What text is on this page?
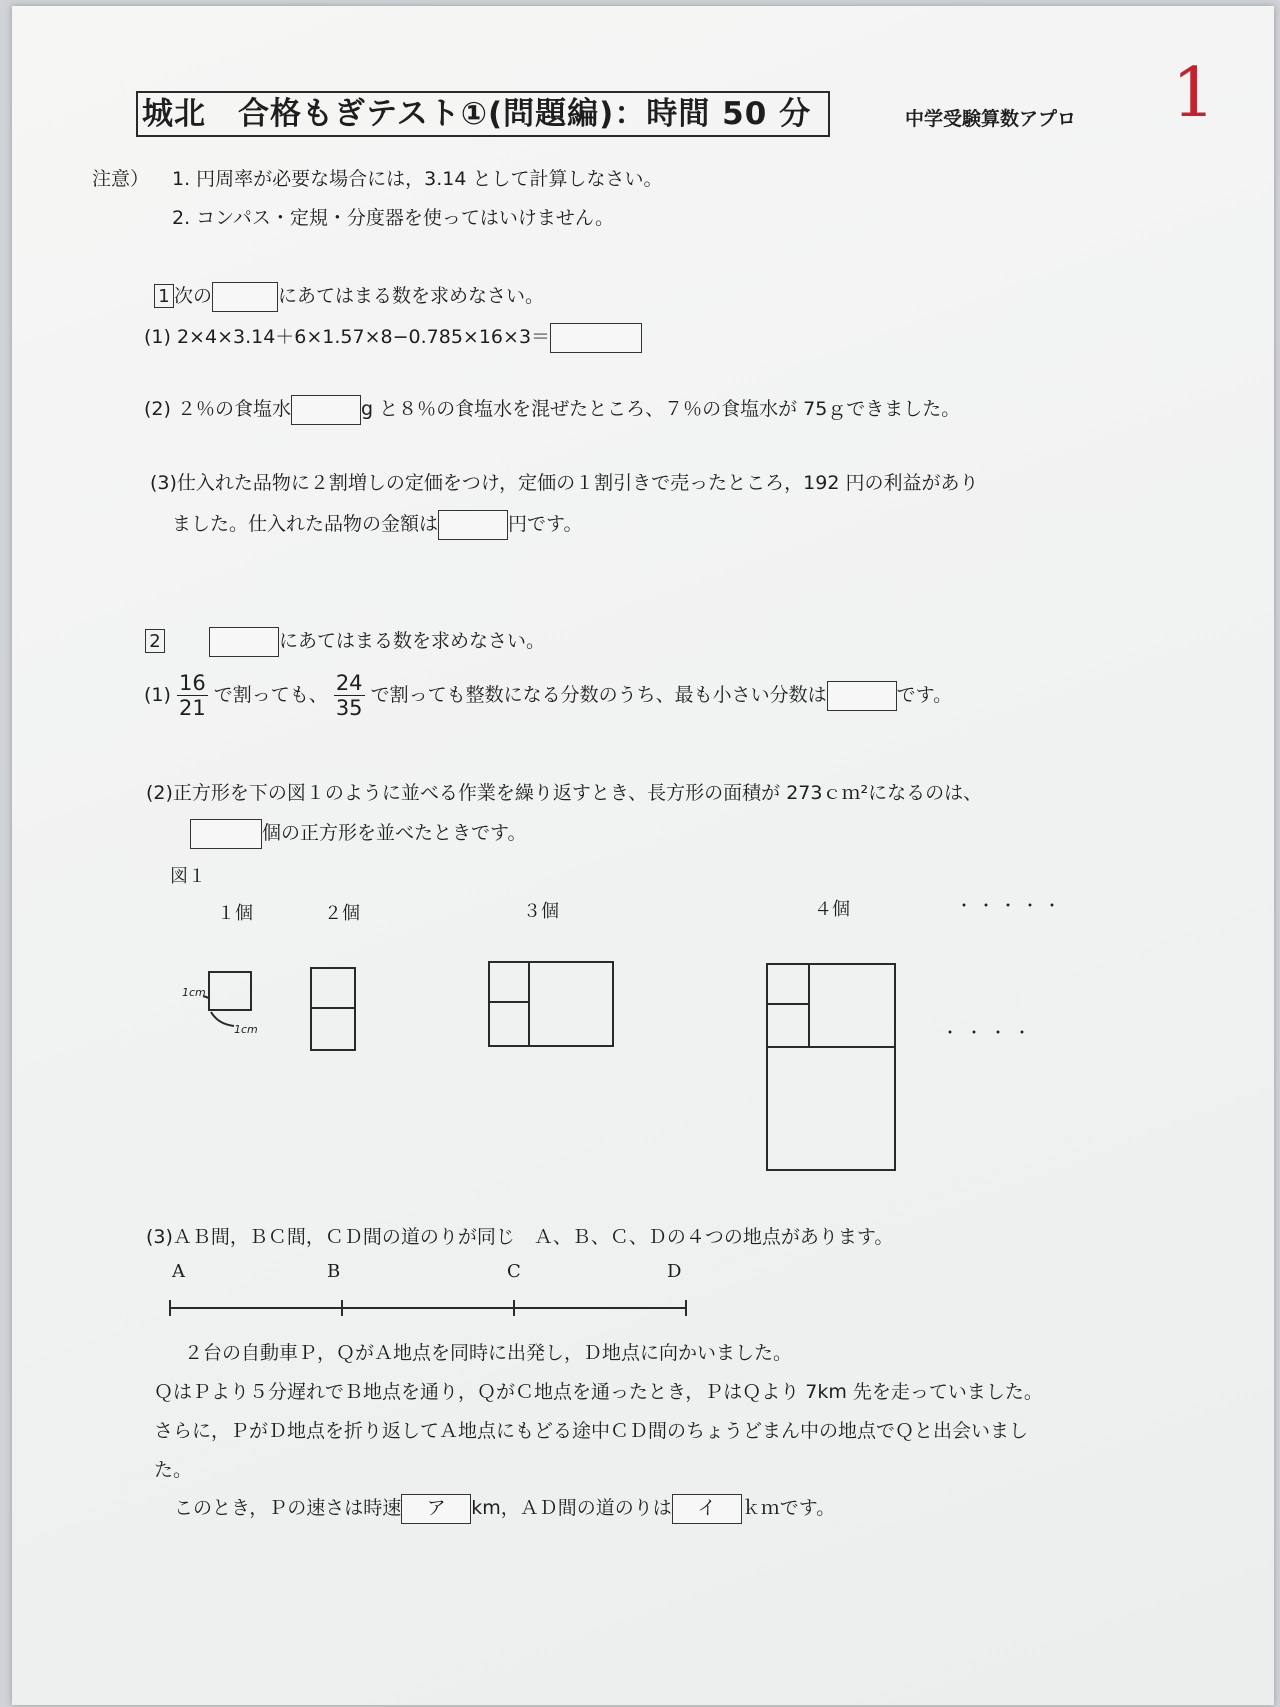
城北　合格もぎテスト①(問題編)：時間 50 分	中学受験算数アプロ 1
注意） 1. 円周率が必要な場合には，3.14 として計算しなさい。
2. コンパス・定規・分度器を使ってはいけません。
1 次の	にあてはまる数を求めなさい。
(1) 2×4×3.14＋6×1.57×8−0.785×16×3＝
(2) ２％の食塩水	g と８％の食塩水を混ぜたところ、７％の食塩水が 75ｇできました。
(3)仕入れた品物に２割増しの定価をつけ，定価の１割引きで売ったところ，192 円の利益があり
ました。仕入れた品物の金額は	円です。
2	にあてはまる数を求めなさい。
$(1) \frac{16}{21}$ で割っても、 $\frac{24}{35}$ で割っても整数になる分数のうち、最も小さい分数は	です。
(2)正方形を下の図１のように並べる作業を繰り返すとき、長方形の面積が 273ｃｍ²になるのは、
個の正方形を並べたときです。
図１
１個	２個	３個	４個	・・・・・
・・・・
1cm
1cm
(3)ＡＢ間，ＢＣ間，ＣＤ間の道のりが同じ　Ａ、Ｂ、Ｃ、Ｄの４つの地点があります。
A	B	C	D
２台の自動車Ｐ，ＱがＡ地点を同時に出発し，Ｄ地点に向かいました。
ＱはＰより５分遅れでＢ地点を通り，ＱがＣ地点を通ったとき，ＰはＱより 7km 先を走っていました。
さらに，ＰがＤ地点を折り返してＡ地点にもどる途中ＣＤ間のちょうどまん中の地点でＱと出会いまし
た。
このとき，Ｐの速さは時速 ア km，ＡＤ間の道のりは イ ｋｍです。
